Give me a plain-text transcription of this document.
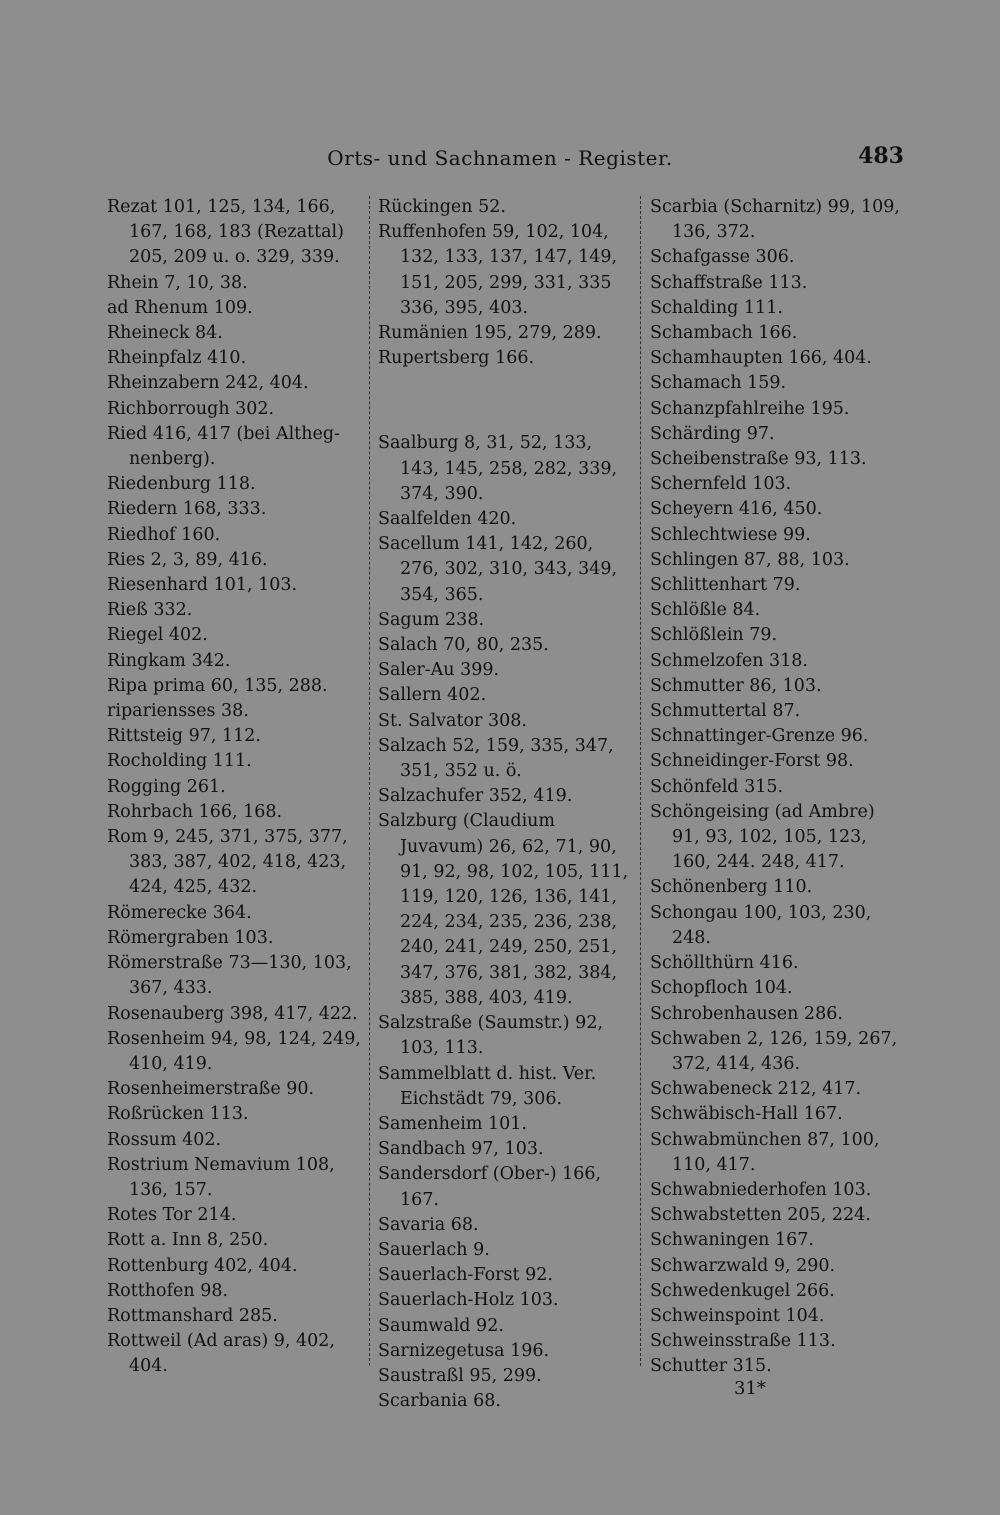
Orts- und Sachnamen - Register.	483

Rezat 101, 125, 134, 166, 167, 168, 183 (Rezattal) 205, 209 u. o. 329, 339.

Rhein 7, 10, 38.

ad Rhenum 109.

Rheineck 84.

Rheinpfalz 410.

Rheinzabern 242, 404.

Richborrough 302.

Ried 416, 417 (bei Altheg-nenberg).

Riedenburg 118.

Riedern 168, 333.

Riedhof 160.

Ries 2, 3, 89, 416.

Riesenhard 101, 103.

Rieß 332.

Riegel 402.

Ringkam 342.

Ripa prima 60, 135, 288.

ripariensses 38.

Rittsteig 97, 112.

Rocholding 111.

Rogging 261.

Rohrbach 166, 168.

Rom 9, 245, 371, 375, 377, 383, 387, 402, 418, 423, 424, 425, 432.

Römerecke 364.

Römergraben 103.

Römerstraße 73—130, 103, 367, 433.

Rosenauberg 398, 417, 422.

Rosenheim 94, 98, 124, 249, 410, 419.

Rosenheimerstraße 90.

Roßrücken 113.

Rossum 402.

Rostrium Nemavium 108, 136, 157.

Rotes Tor 214.

Rott a. Inn 8, 250.

Rottenburg 402, 404.

Rotthofen 98.

Rottmanshard 285.

Rottweil (Ad aras) 9, 402, 404.

Rückingen 52.

Ruffenhofen 59, 102, 104, 132, 133, 137, 147, 149, 151, 205, 299, 331, 335 336, 395, 403.

Rumänien 195, 279, 289.

Rupertsberg 166.

Saalburg 8, 31, 52, 133, 143, 145, 258, 282, 339, 374, 390.

Saalfelden 420.

Sacellum 141, 142, 260, 276, 302, 310, 343, 349, 354, 365.

Sagum 238.

Salach 70, 80, 235.

Saler-Au 399.

Sallern 402.

St. Salvator 308.

Salzach 52, 159, 335, 347, 351, 352 u. ö.

Salzachufer 352, 419.

Salzburg (Claudium Juvavum) 26, 62, 71, 90, 91, 92, 98, 102, 105, 111, 119, 120, 126, 136, 141, 224, 234, 235, 236, 238, 240, 241, 249, 250, 251, 347, 376, 381, 382, 384, 385, 388, 403, 419.

Salzstraße (Saumstr.) 92, 103, 113.

Sammelblatt d. hist. Ver. Eichstädt 79, 306.

Samenheim 101.

Sandbach 97, 103.

Sandersdorf (Ober-) 166, 167.

Savaria 68.

Sauerlach 9.

Sauerlach-Forst 92.

Sauerlach-Holz 103.

Saumwald 92.

Sarnizegetusa 196.

Saustraßl 95, 299.

Scarbania 68.

Scarbia (Scharnitz) 99, 109, 136, 372.

Schafgasse 306.

Schaffstraße 113.

Schalding 111.

Schambach 166.

Schamhaupten 166, 404.

Schamach 159.

Schanzpfahlreihe 195.

Schärding 97.

Scheibenstraße 93, 113.

Schernfeld 103.

Scheyern 416, 450.

Schlechtwiese 99.

Schlingen 87, 88, 103.

Schlittenhart 79.

Schlößle 84.

Schlößlein 79.

Schmelzofen 318.

Schmutter 86, 103.

Schmuttertal 87.

Schnattinger-Grenze 96.

Schneidinger-Forst 98.

Schönfeld 315.

Schöngeising (ad Ambre) 91, 93, 102, 105, 123, 160, 244. 248, 417.

Schönenberg 110.

Schongau 100, 103, 230, 248.

Schöllthürn 416.

Schopfloch 104.

Schrobenhausen 286.

Schwaben 2, 126, 159, 267, 372, 414, 436.

Schwabeneck 212, 417.

Schwäbisch-Hall 167.

Schwabmünchen 87, 100, 110, 417.

Schwabniederhofen 103.

Schwabstetten 205, 224.

Schwaningen 167.

Schwarzwald 9, 290.

Schwedenkugel 266.

Schweinspoint 104.

Schweinsstraße 113.

Schutter 315.

31*
